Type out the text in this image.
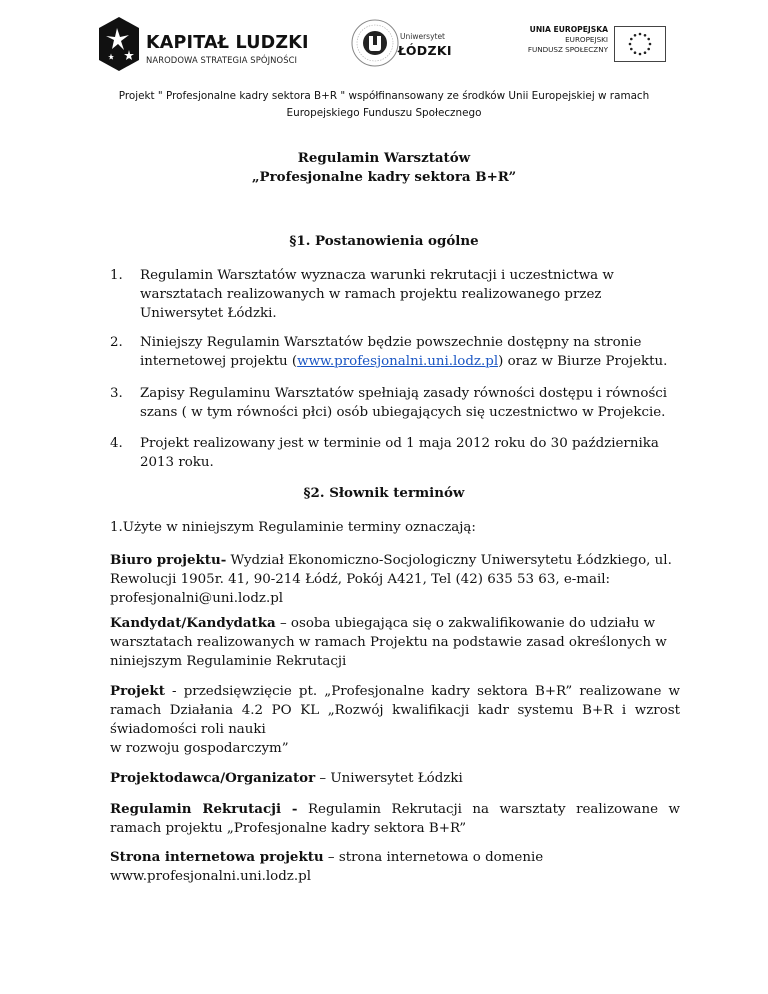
KAPITAŁ LUDZKI
NARODOWA STRATEGIA SPÓJNOŚCI
Uniwersytet
ŁÓDZKI
UNIA EUROPEJSKA
EUROPEJSKI
FUNDUSZ SPOŁECZNY
Projekt " Profesjonalne kadry sektora B+R " współfinansowany ze środków Unii Europejskiej w ramach
Europejskiego Funduszu Społecznego
Regulamin Warsztatów
„Profesjonalne kadry sektora B+R”
§1. Postanowienia ogólne
1. Regulamin Warsztatów wyznacza warunki rekrutacji i uczestnictwa w warsztatach realizowanych w ramach projektu realizowanego przez Uniwersytet Łódzki.
2. Niniejszy Regulamin Warsztatów będzie powszechnie dostępny na stronie internetowej projektu (www.profesjonalni.uni.lodz.pl) oraz w Biurze Projektu.
3. Zapisy Regulaminu Warsztatów spełniają zasady równości dostępu i równości szans ( w tym równości płci) osób ubiegających się uczestnictwo w Projekcie.
4. Projekt realizowany jest w terminie od 1 maja 2012 roku do 30 października 2013 roku.
§2. Słownik terminów
1.Użyte w niniejszym Regulaminie terminy oznaczają:
Biuro projektu- Wydział Ekonomiczno-Socjologiczny Uniwersytetu Łódzkiego, ul. Rewolucji 1905r. 41, 90-214 Łódź, Pokój A421, Tel (42) 635 53 63, e-mail: profesjonalni@uni.lodz.pl
Kandydat/Kandydatka – osoba ubiegająca się o zakwalifikowanie do udziału w warsztatach realizowanych w ramach Projektu na podstawie zasad określonych w niniejszym Regulaminie Rekrutacji
Projekt - przedsięwzięcie pt. „Profesjonalne kadry sektora B+R” realizowane w ramach Działania 4.2 PO KL „Rozwój kwalifikacji kadr systemu B+R i wzrost świadomości roli nauki
w rozwoju gospodarczym”
Projektodawca/Organizator – Uniwersytet Łódzki
Regulamin Rekrutacji - Regulamin Rekrutacji na warsztaty realizowane w ramach projektu „Profesjonalne kadry sektora B+R”
Strona internetowa projektu – strona internetowa o domenie
www.profesjonalni.uni.lodz.pl
